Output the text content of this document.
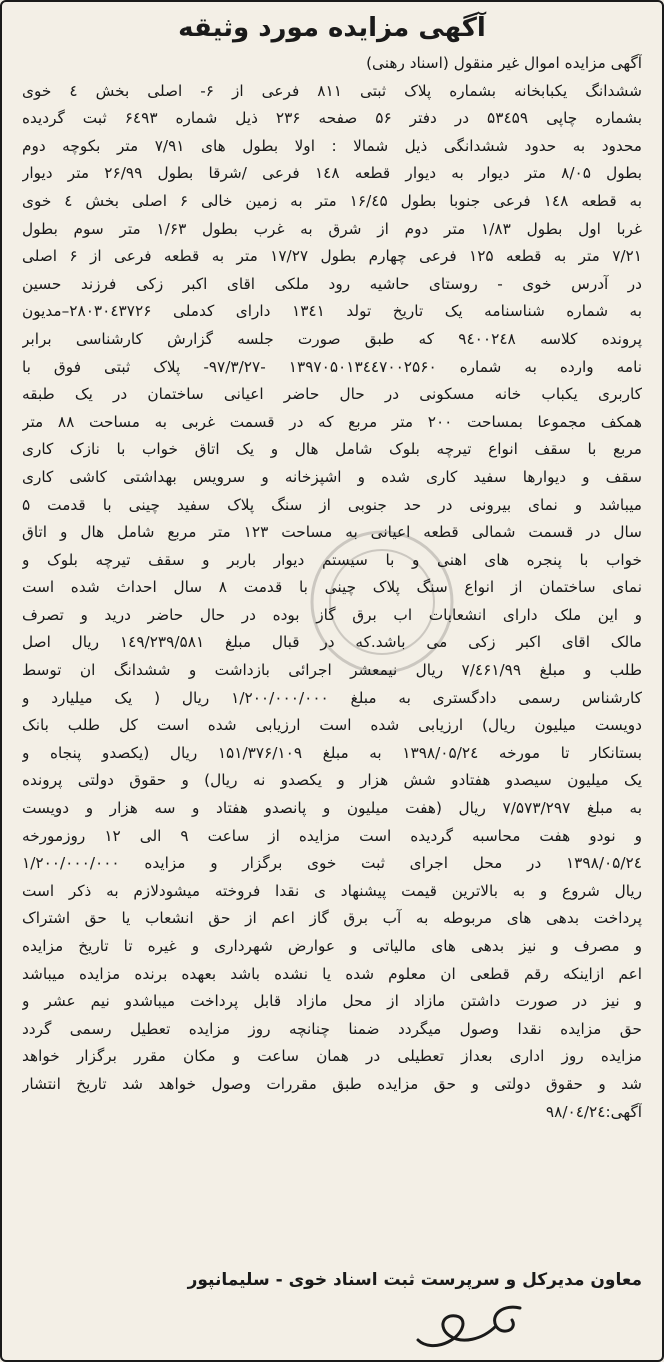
آگهی مزایده مورد وثیقه
آگهی مزایده اموال غیر منقول (اسناد رهنی)
ششدانگ یکبابخانه بشماره پلاک ثبتی ۸۱۱ فرعی از ۶- اصلی بخش ٤ خوی
بشماره چاپی ۵۳٤۵۹ در دفتر ۵۶ صفحه ۲۳۶ ذیل شماره ۶٤۹۳ ثبت گردیده
محدود به حدود ششدانگی ذیل شمالا : اولا بطول های ۷/۹۱ متر بکوچه دوم
بطول ۸/۰۵ متر دیوار به دیوار قطعه ۱٤۸ فرعی /شرقا بطول ۲۶/۹۹ متر دیوار
به قطعه ۱٤۸ فرعی جنوبا بطول ۱۶/٤۵ متر به زمین خالی ۶ اصلی بخش ٤ خوی
غربا اول بطول ۱/۸۳ متر دوم از شرق به غرب بطول ۱/۶۳ متر سوم بطول
۷/۲۱ متر به قطعه ۱۲۵ فرعی چهارم بطول ۱۷/۲۷ متر به قطعه فرعی از ۶ اصلی
در آدرس خوی - روستای حاشیه رود ملکی اقای اکبر زکی فرزند حسین
به شماره شناسنامه یک تاریخ تولد ۱۳٤۱ دارای کدملی ۲۸۰۳۰٤۳۷۲۶–مدیون
پرونده کلاسه ۹٤۰۰۲٤۸ که طبق صورت جلسه گزارش کارشناسی برابر
نامه وارده به شماره ۱۳۹۷۰۵۰۱۳٤٤۷۰۰۲۵۶۰ -۹۷/۳/۲۷- پلاک ثبتی فوق با
کاربری یکباب خانه مسکونی در حال حاضر اعیانی ساختمان در یک طبقه
همکف مجموعا بمساحت ۲۰۰ متر مربع که در قسمت غربی به مساحت ۸۸ متر
مربع با سقف انواع تیرچه بلوک شامل هال و یک اتاق خواب با نازک کاری
سقف و دیوارها سفید کاری شده و اشپزخانه و سرویس بهداشتی کاشی کاری
میباشد و نمای بیرونی در حد جنوبی از سنگ پلاک سفید چینی با قدمت ۵
سال در قسمت شمالی قطعه اعیانی به مساحت ۱۲۳ متر مربع شامل هال و اتاق
خواب با پنجره های اهنی و با سیستم دیوار باربر و سقف تیرچه بلوک و
نمای ساختمان از انواع سنگ پلاک چینی با قدمت ۸ سال احداث شده است
و این ملک دارای انشعابات اب برق گاز بوده در حال حاضر درید و تصرف
مالک اقای اکبر زکی می باشد.که در قبال مبلغ ۱٤۹/۲۳۹/۵۸۱ ریال اصل
طلب و مبلغ ۷/٤۶۱/۹۹ ریال نیمعشر اجرائی بازداشت و ششدانگ ان توسط
کارشناس رسمی دادگستری به مبلغ ۱/۲۰۰/۰۰۰/۰۰۰ ریال ( یک میلیارد و
دویست میلیون ریال) ارزیابی شده است ارزیابی شده است کل طلب بانک
بستانکار تا مورخه ۱۳۹۸/۰۵/۲٤ به مبلغ ۱۵۱/۳۷۶/۱۰۹ ریال (یکصدو پنجاه و
یک میلیون سیصدو هفتادو شش هزار و یکصدو نه ریال) و حقوق دولتی پرونده
به مبلغ ۷/۵۷۳/۲۹۷ ریال (هفت میلیون و پانصدو هفتاد و سه هزار و دویست
و نودو هفت محاسبه گردیده است مزایده از ساعت ۹ الی ۱۲ روزمورخه
۱۳۹۸/۰۵/۲٤ در محل اجرای ثبت خوی برگزار و مزایده ۱/۲۰۰/۰۰۰/۰۰۰
ریال شروع و به بالاترین قیمت پیشنهاد ی نقدا فروخته میشودلازم به ذکر است
پرداخت بدهی های مربوطه به آب برق گاز اعم از حق انشعاب یا حق اشتراک
و مصرف و نیز بدهی های مالیاتی و عوارض شهرداری و غیره تا تاریخ مزایده
اعم ازاینکه رقم قطعی ان معلوم شده یا نشده باشد بعهده برنده مزایده میباشد
و نیز در صورت داشتن مازاد از محل مازاد قابل پرداخت میباشدو نیم عشر و
حق مزایده نقدا وصول میگردد ضمنا چنانچه روز مزایده تعطیل رسمی گردد
مزایده روز اداری بعداز تعطیلی در همان ساعت و مکان مقرر برگزار خواهد
شد و حقوق دولتی و حق مزایده طبق مقررات وصول خواهد شد تاریخ انتشار
آگهی:۹۸/۰٤/۲٤
معاون مدیرکل و سرپرست ثبت اسناد خوی - سلیمانپور
